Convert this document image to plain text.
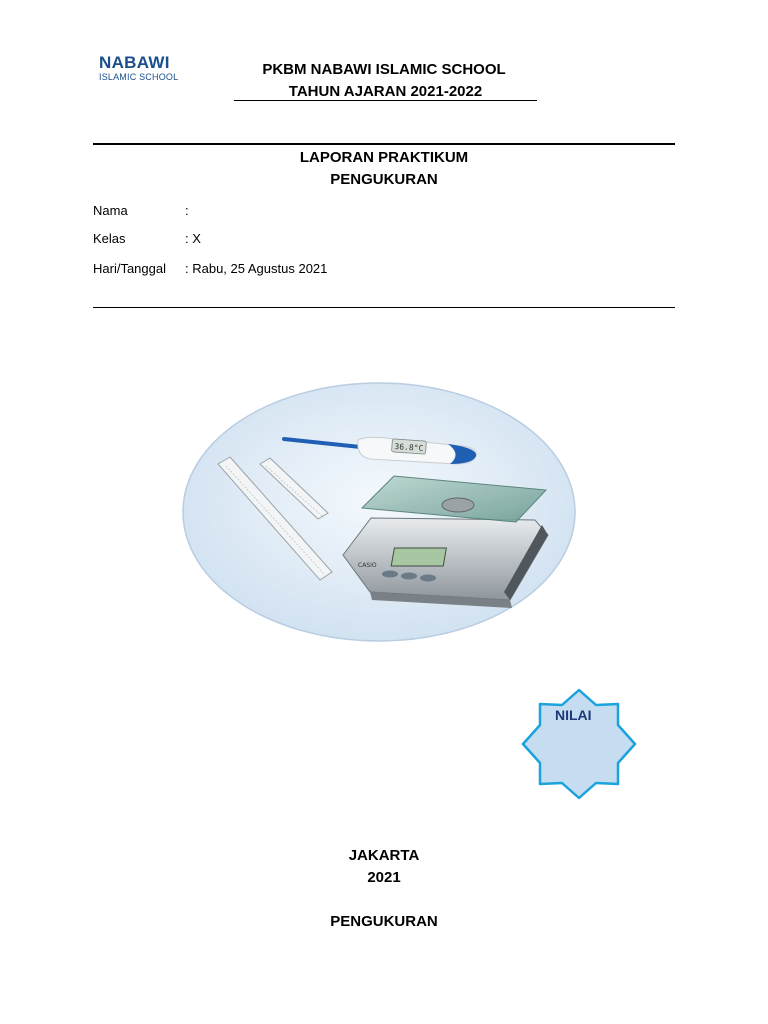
NABAWI
ISLAMIC SCHOOL	PKBM NABAWI ISLAMIC SCHOOL
TAHUN AJARAN 2021-2022
LAPORAN PRAKTIKUM
PENGUKURAN
Nama	:
Kelas	: X
Hari/Tanggal : Rabu, 25 Agustus 2021
36.8°C
CASIO
NILAI
JAKARTA
2021
PENGUKURAN
